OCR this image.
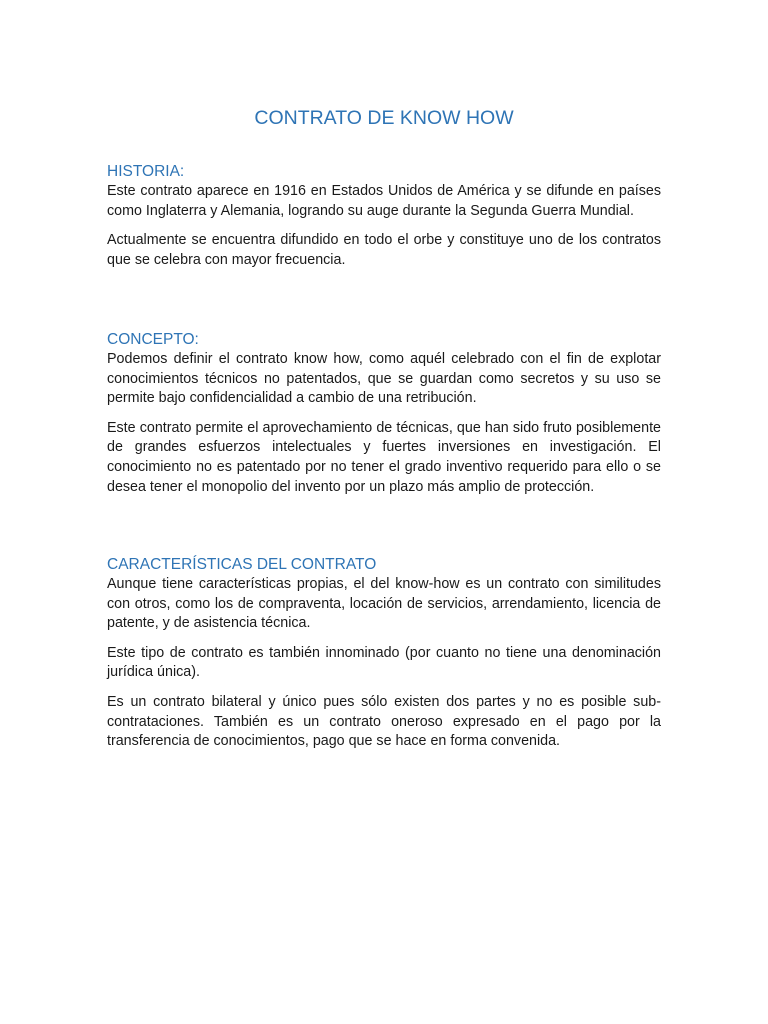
CONTRATO DE KNOW HOW
HISTORIA:

Este contrato aparece en 1916 en Estados Unidos de América y se difunde en países como Inglaterra y Alemania, logrando su auge durante la Segunda Guerra Mundial.

Actualmente se encuentra difundido en todo el orbe y constituye uno de los contratos que se celebra con mayor frecuencia.

CONCEPTO:

Podemos definir el contrato know how, como aquél celebrado con el fin de explotar conocimientos técnicos no patentados, que se guardan como secretos y su uso se permite bajo confidencialidad a cambio de una retribución.

Este contrato permite el aprovechamiento de técnicas, que han sido fruto posiblemente de grandes esfuerzos intelectuales y fuertes inversiones en investigación. El conocimiento no es patentado por no tener el grado inventivo requerido para ello o se desea tener el monopolio del invento por un plazo más amplio de protección.

CARACTERÍSTICAS DEL CONTRATO

Aunque tiene características propias, el del know-how es un contrato con similitudes con otros, como los de compraventa, locación de servicios, arrendamiento, licencia de patente, y de asistencia técnica.

Este tipo de contrato es también innominado (por cuanto no tiene una denominación jurídica única).

Es un contrato bilateral y único pues sólo existen dos partes y no es posible sub-contrataciones. También es un contrato oneroso expresado en el pago por la transferencia de conocimientos, pago que se hace en forma convenida.
